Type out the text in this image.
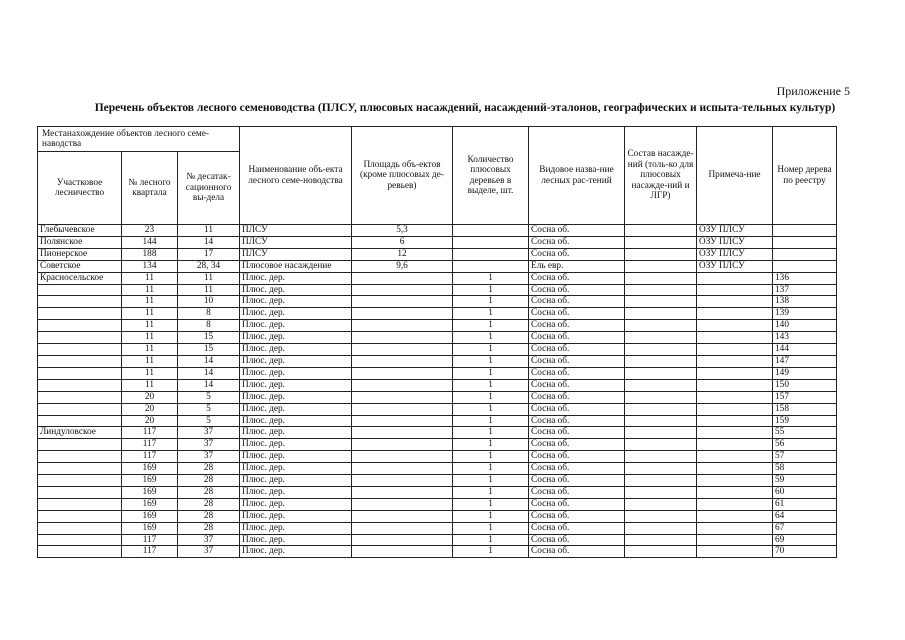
Приложение 5
Перечень объектов лесного семеноводства (ПЛСУ, плюсовых насаждений, насаждений-эталонов, географических и испыта-тельных культур)
Местанахождение объектов лесного семе-наводства			Наименование объ-екта лесного семе-новодства	Площадь объ-ектов (кроме плюсовых де-ревьев)	Количество плюсовых деревьев в выделе, шт.	Видовое назва-ние лесных рас-тений	Состав насажде-ний (толь-ко для плюсовых насажде-ний и ЛГР)	Примеча-ние	Номер дерева по реестру
Участковое лесничество	№ лесного квартала	№ десатак-сационного вы-дела							
Глебычевское	23	11	ПЛСУ	5,3		Сосна об.		ОЗУ ПЛСУ	
Полянское	144	14	ПЛСУ	6		Сосна об.		ОЗУ ПЛСУ	
Пионерское	188	17	ПЛСУ	12		Сосна об.		ОЗУ ПЛСУ	
Советское	134	28, 34	Плюсовое насаждение	9,6		Ель евр.		ОЗУ ПЛСУ	
Красносельское	11	11	Плюс. дер.		1	Сосна об.			136
	11	11	Плюс. дер.		1	Сосна об.			137
	11	10	Плюс. дер.		1	Сосна об.			138
	11	8	Плюс. дер.		1	Сосна об.			139
	11	8	Плюс. дер.		1	Сосна об.			140
	11	15	Плюс. дер.		1	Сосна об.			143
	11	15	Плюс. дер.		1	Сосна об.			144
	11	14	Плюс. дер.		1	Сосна об.			147
	11	14	Плюс. дер.		1	Сосна об.			149
	11	14	Плюс. дер.		1	Сосна об.			150
	20	5	Плюс. дер.		1	Сосна об.			157
	20	5	Плюс. дер.		1	Сосна об.			158
	20	5	Плюс. дер.		1	Сосна об.			159
Линдуловское	117	37	Плюс. дер.		1	Сосна об.			55
	117	37	Плюс. дер.		1	Сосна об.			56
	117	37	Плюс. дер.		1	Сосна об.			57
	169	28	Плюс. дер.		1	Сосна об.			58
	169	28	Плюс. дер.		1	Сосна об.			59
	169	28	Плюс. дер.		1	Сосна об.			60
	169	28	Плюс. дер.		1	Сосна об.			61
	169	28	Плюс. дер.		1	Сосна об.			64
	169	28	Плюс. дер.		1	Сосна об.			67
	117	37	Плюс. дер.		1	Сосна об.			69
	117	37	Плюс. дер.		1	Сосна об.			70
